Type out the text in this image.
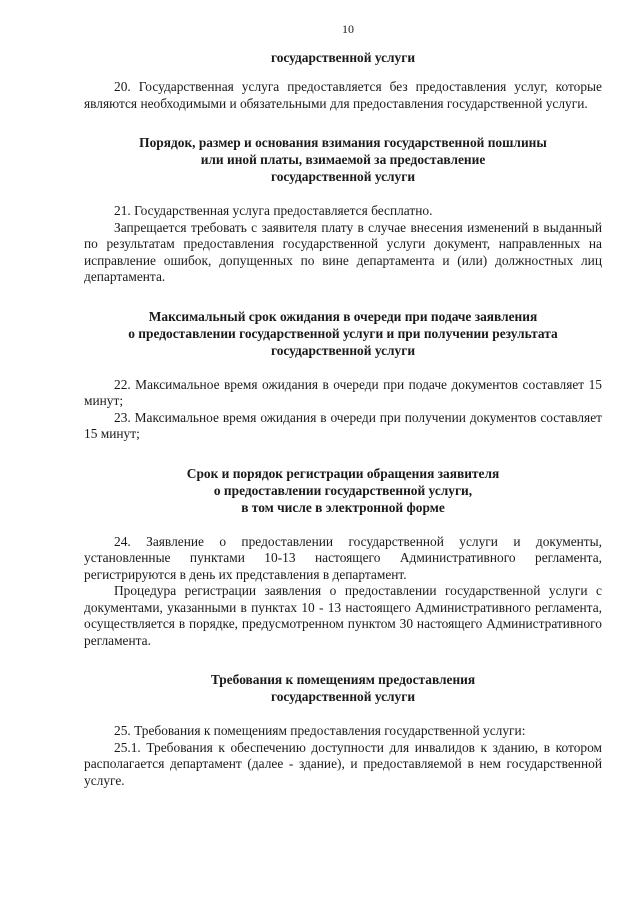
10
государственной услуги

20. Государственная услуга предоставляется без предоставления услуг, которые являются необходимыми и обязательными для предоставления государственной услуги.

Порядок, размер и основания взимания государственной пошлины
или иной платы, взимаемой за предоставление
государственной услуги

21. Государственная услуга предоставляется бесплатно.

Запрещается требовать с заявителя плату в случае внесения изменений в выданный по результатам предоставления государственной услуги документ, направленных на исправление ошибок, допущенных по вине департамента и (или) должностных лиц департамента.

Максимальный срок ожидания в очереди при подаче заявления
о предоставлении государственной услуги и при получении результата
государственной услуги

22. Максимальное время ожидания в очереди при подаче документов составляет 15 минут;

23. Максимальное время ожидания в очереди при получении документов составляет 15 минут;

Срок и порядок регистрации обращения заявителя
о предоставлении государственной услуги,
в том числе в электронной форме

24. Заявление о предоставлении государственной услуги и документы, установленные пунктами 10-13 настоящего Административного регламента, регистрируются в день их представления в департамент.

Процедура регистрации заявления о предоставлении государственной услуги с документами, указанными в пунктах 10 - 13 настоящего Административного регламента, осуществляется в порядке, предусмотренном пунктом 30 настоящего Административного регламента.

Требования к помещениям предоставления
государственной услуги

25. Требования к помещениям предоставления государственной услуги:

25.1. Требования к обеспечению доступности для инвалидов к зданию, в котором располагается департамент (далее - здание), и предоставляемой в нем государственной услуге.
